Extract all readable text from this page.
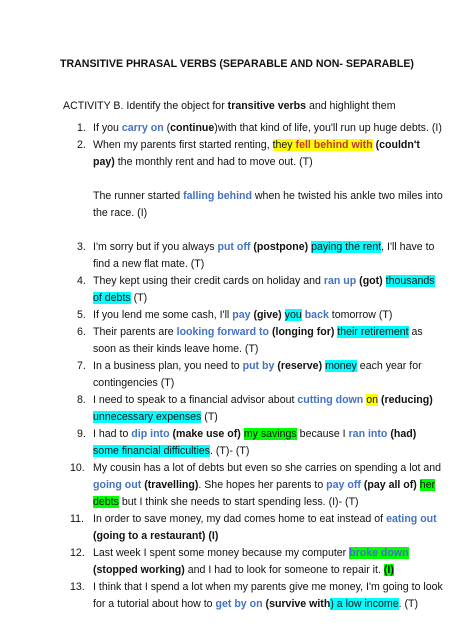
TRANSITIVE PHRASAL VERBS (SEPARABLE AND NON- SEPARABLE)
ACTIVITY B. Identify the object for transitive verbs and highlight them
1. If you carry on (continue)with that kind of life, you'll run up huge debts. (I)
2. When my parents first started renting, they fell behind with (couldn't pay) the monthly rent and had to move out. (T)
The runner started falling behind when he twisted his ankle two miles into the race. (I)
3. I'm sorry but if you always put off (postpone) paying the rent, I'll have to find a new flat mate. (T)
4. They kept using their credit cards on holiday and ran up (got) thousands of debts (T)
5. If you lend me some cash, I'll pay (give) you back tomorrow (T)
6. Their parents are looking forward to (longing for) their retirement as soon as their kinds leave home. (T)
7. In a business plan, you need to put by (reserve) money each year for contingencies (T)
8. I need to speak to a financial advisor about cutting down on (reducing) unnecessary expenses (T)
9. I had to dip into (make use of) my savings because I ran into (had) some financial difficulties. (T)- (T)
10. My cousin has a lot of debts but even so she carries on spending a lot and going out (travelling). She hopes her parents to pay off (pay all of) her debts but I think she needs to start spending less. (I)- (T)
11. In order to save money, my dad comes home to eat instead of eating out (going to a restaurant) (I)
12. Last week I spent some money because my computer broke down (stopped working) and I had to look for someone to repair it. (I)
13. I think that I spend a lot when my parents give me money, I'm going to look for a tutorial about how to get by on (survive with) a low income. (T)
